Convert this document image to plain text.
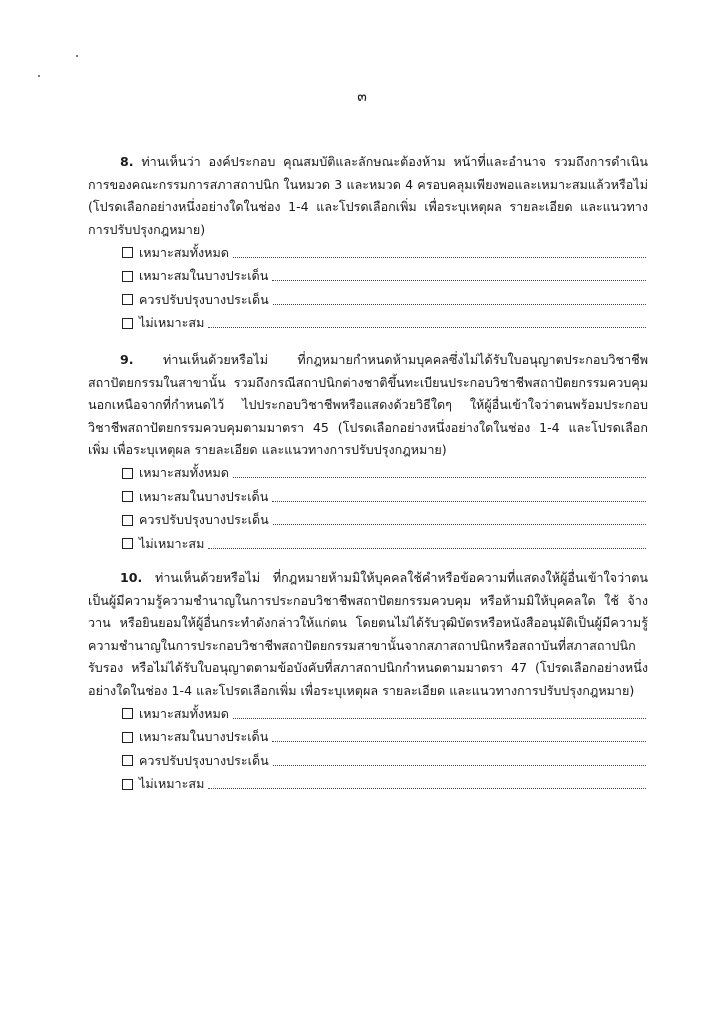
๓

8. ท่านเห็นว่า องค์ประกอบ คุณสมบัติและลักษณะต้องห้าม หน้าที่และอำนาจ รวมถึงการดำเนินการของคณะกรรมการสภาสถาปนิก ในหมวด 3 และหมวด 4 ครอบคลุมเพียงพอและเหมาะสมแล้วหรือไม่ (โปรดเลือกอย่างหนึ่งอย่างใดในช่อง 1-4 และโปรดเลือกเพิ่ม เพื่อระบุเหตุผล รายละเอียด และแนวทางการปรับปรุงกฎหมาย)

เหมาะสมทั้งหมด
เหมาะสมในบางประเด็น
ควรปรับปรุงบางประเด็น
ไม่เหมาะสม

9. ท่านเห็นด้วยหรือไม่ ที่กฎหมายกำหนดห้ามบุคคลซึ่งไม่ได้รับใบอนุญาตประกอบวิชาชีพสถาปัตยกรรมในสาขานั้น รวมถึงกรณีสถาปนิกต่างชาติขึ้นทะเบียนประกอบวิชาชีพสถาปัตยกรรมควบคุมนอกเหนือจากที่กำหนดไว้ ไปประกอบวิชาชีพหรือแสดงด้วยวิธีใดๆ ให้ผู้อื่นเข้าใจว่าตนพร้อมประกอบวิชาชีพสถาปัตยกรรมควบคุมตามมาตรา 45 (โปรดเลือกอย่างหนึ่งอย่างใดในช่อง 1-4 และโปรดเลือกเพิ่ม เพื่อระบุเหตุผล รายละเอียด และแนวทางการปรับปรุงกฎหมาย)

เหมาะสมทั้งหมด
เหมาะสมในบางประเด็น
ควรปรับปรุงบางประเด็น
ไม่เหมาะสม

10. ท่านเห็นด้วยหรือไม่ ที่กฎหมายห้ามมิให้บุคคลใช้คำหรือข้อความที่แสดงให้ผู้อื่นเข้าใจว่าตนเป็นผู้มีความรู้ความชำนาญในการประกอบวิชาชีพสถาปัตยกรรมควบคุม หรือห้ามมิให้บุคคลใด ใช้ จ้างวาน หรือยินยอมให้ผู้อื่นกระทำดังกล่าวให้แก่ตน โดยตนไม่ได้รับวุฒิบัตรหรือหนังสืออนุมัติเป็นผู้มีความรู้ความชำนาญในการประกอบวิชาชีพสถาปัตยกรรมสาขานั้นจากสภาสถาปนิกหรือสถาบันที่สภาสถาปนิกรับรอง หรือไม่ได้รับใบอนุญาตตามข้อบังคับที่สภาสถาปนิกกำหนดตามมาตรา 47 (โปรดเลือกอย่างหนึ่งอย่างใดในช่อง 1-4 และโปรดเลือกเพิ่ม เพื่อระบุเหตุผล รายละเอียด และแนวทางการปรับปรุงกฎหมาย)

เหมาะสมทั้งหมด
เหมาะสมในบางประเด็น
ควรปรับปรุงบางประเด็น
ไม่เหมาะสม
